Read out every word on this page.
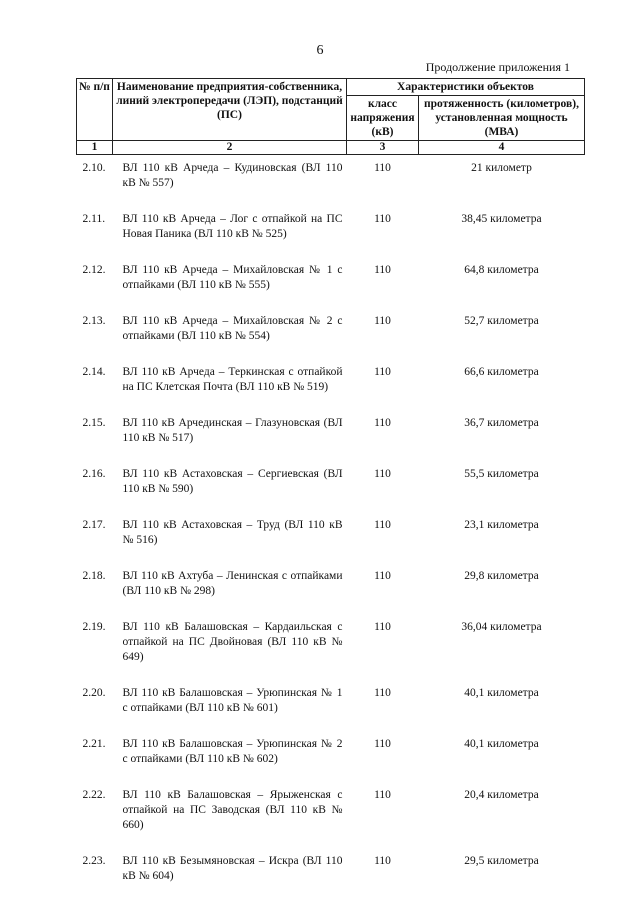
6
Продолжение приложения 1
№ п/п	Наименование предприятия-собственника, линий электропередачи (ЛЭП), подстанций (ПС)	Характеристики объектов	
		класс напряжения (кВ)	протяженность (километров), установленная мощность (МВА)
1	2	3	4
2.10.	ВЛ 110 кВ Арчеда – Кудиновская (ВЛ 110 кВ № 557)	110	21 километр
2.11.	ВЛ 110 кВ Арчеда – Лог с отпайкой на ПС Новая Паника (ВЛ 110 кВ № 525)	110	38,45 километра
2.12.	ВЛ 110 кВ Арчеда – Михайловская № 1 с отпайками (ВЛ 110 кВ № 555)	110	64,8 километра
2.13.	ВЛ 110 кВ Арчеда – Михайловская № 2 с отпайками (ВЛ 110 кВ № 554)	110	52,7 километра
2.14.	ВЛ 110 кВ Арчеда – Теркинская с отпайкой на ПС Клетская Почта (ВЛ 110 кВ № 519)	110	66,6 километра
2.15.	ВЛ 110 кВ Арчединская – Глазуновская (ВЛ 110 кВ № 517)	110	36,7 километра
2.16.	ВЛ 110 кВ Астаховская – Сергиевская (ВЛ 110 кВ № 590)	110	55,5 километра
2.17.	ВЛ 110 кВ Астаховская – Труд (ВЛ 110 кВ № 516)	110	23,1 километра
2.18.	ВЛ 110 кВ Ахтуба – Ленинская с отпайками (ВЛ 110 кВ № 298)	110	29,8 километра
2.19.	ВЛ 110 кВ Балашовская – Кардаильская с отпайкой на ПС Двойновая (ВЛ 110 кВ № 649)	110	36,04 километра
2.20.	ВЛ 110 кВ Балашовская – Урюпинская № 1 с отпайками (ВЛ 110 кВ № 601)	110	40,1 километра
2.21.	ВЛ 110 кВ Балашовская – Урюпинская № 2 с отпайками (ВЛ 110 кВ № 602)	110	40,1 километра
2.22.	ВЛ 110 кВ Балашовская – Ярыженская с отпайкой на ПС Заводская (ВЛ 110 кВ № 660)	110	20,4 километра
2.23.	ВЛ 110 кВ Безымяновская – Искра (ВЛ 110 кВ № 604)	110	29,5 километра
